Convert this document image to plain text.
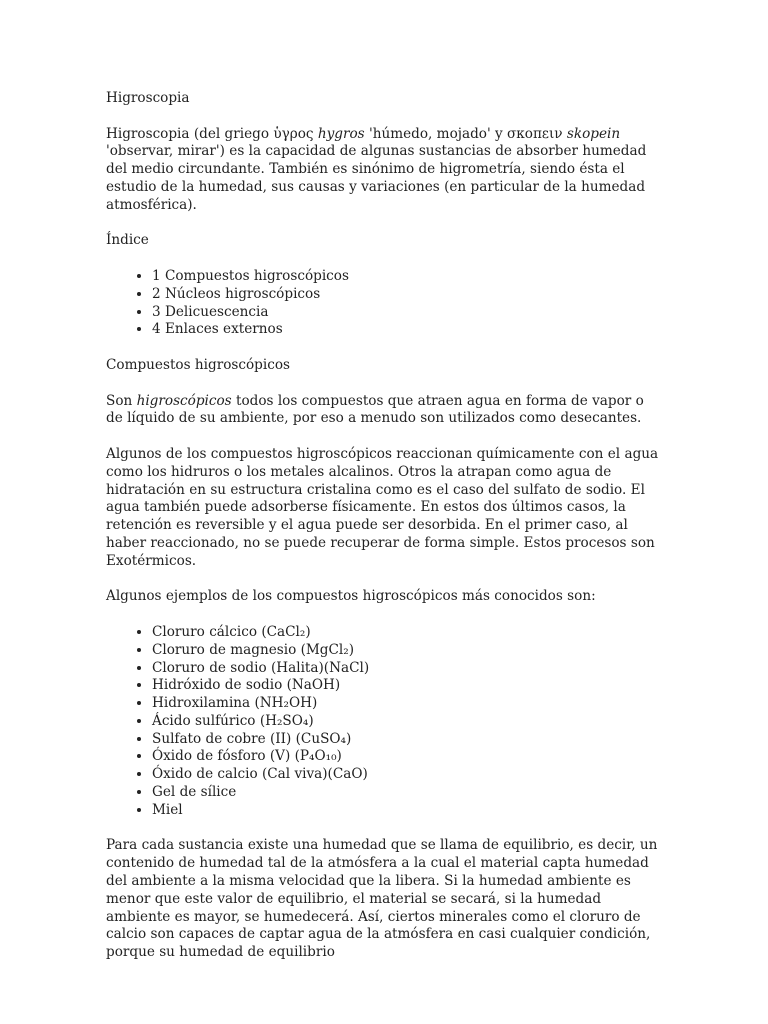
Higroscopia

Higroscopia (del griego ὑγρος hygros 'húmedo, mojado' y σκοπειν skopein 'observar, mirar') es la capacidad de algunas sustancias de absorber humedad del medio circundante. También es sinónimo de higrometría, siendo ésta el estudio de la humedad, sus causas y variaciones (en particular de la humedad atmosférica).

Índice

• 1 Compuestos higroscópicos
• 2 Núcleos higroscópicos
• 3 Delicuescencia
• 4 Enlaces externos

Compuestos higroscópicos

Son higroscópicos todos los compuestos que atraen agua en forma de vapor o de líquido de su ambiente, por eso a menudo son utilizados como desecantes.

Algunos de los compuestos higroscópicos reaccionan químicamente con el agua como los hidruros o los metales alcalinos. Otros la atrapan como agua de hidratación en su estructura cristalina como es el caso del sulfato de sodio. El agua también puede adsorberse físicamente. En estos dos últimos casos, la retención es reversible y el agua puede ser desorbida. En el primer caso, al haber reaccionado, no se puede recuperar de forma simple. Estos procesos son Exotérmicos.

Algunos ejemplos de los compuestos higroscópicos más conocidos son:

• Cloruro cálcico (CaCl₂)
• Cloruro de magnesio (MgCl₂)
• Cloruro de sodio (Halita)(NaCl)
• Hidróxido de sodio (NaOH)
• Hidroxilamina (NH₂OH)
• Ácido sulfúrico (H₂SO₄)
• Sulfato de cobre (II) (CuSO₄)
• Óxido de fósforo (V) (P₄O₁₀)
• Óxido de calcio (Cal viva)(CaO)
• Gel de sílice
• Miel

Para cada sustancia existe una humedad que se llama de equilibrio, es decir, un contenido de humedad tal de la atmósfera a la cual el material capta humedad del ambiente a la misma velocidad que la libera. Si la humedad ambiente es menor que este valor de equilibrio, el material se secará, si la humedad ambiente es mayor, se humedecerá. Así, ciertos minerales como el cloruro de calcio son capaces de captar agua de la atmósfera en casi cualquier condición, porque su humedad de equilibrio
